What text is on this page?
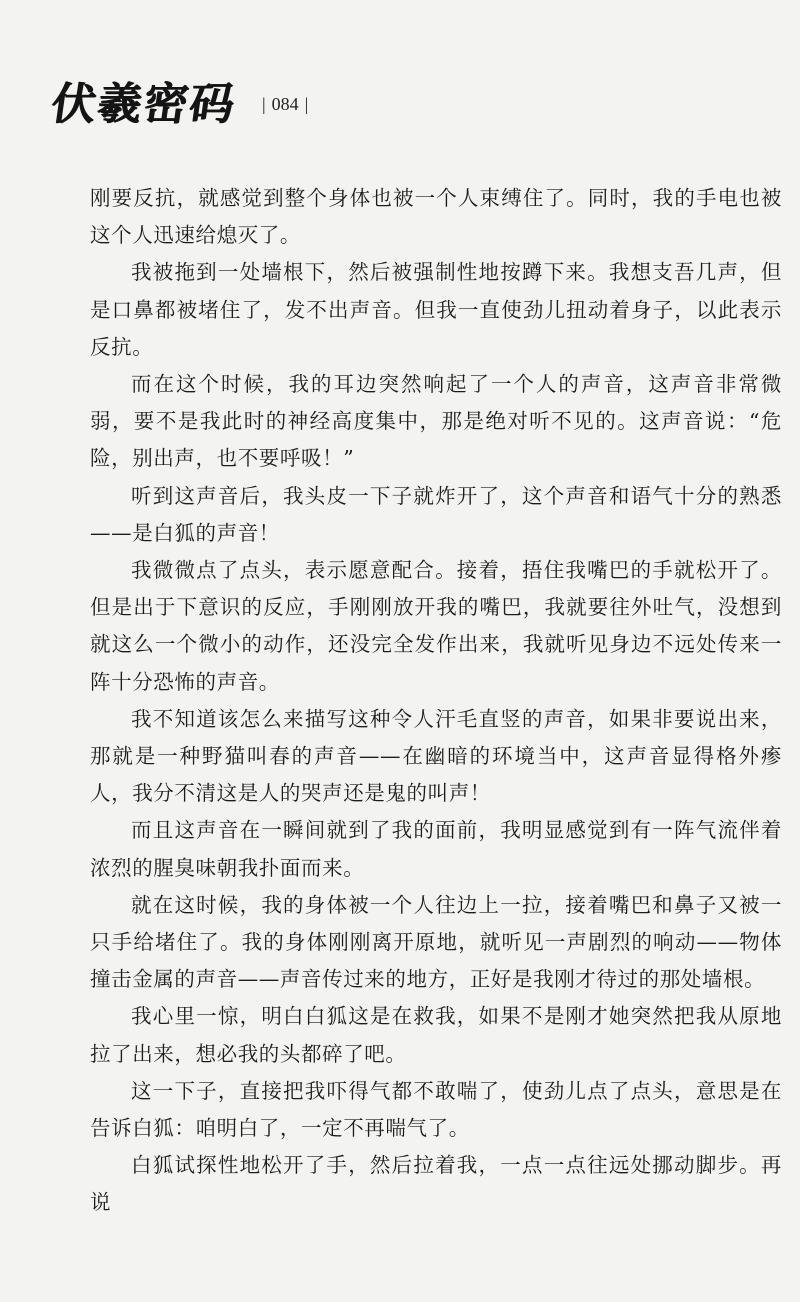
伏羲密码	| 084 |

刚要反抗，就感觉到整个身体也被一个人束缚住了。同时，我的手电也被这个人迅速给熄灭了。

我被拖到一处墙根下，然后被强制性地按蹲下来。我想支吾几声，但是口鼻都被堵住了，发不出声音。但我一直使劲儿扭动着身子，以此表示反抗。

而在这个时候，我的耳边突然响起了一个人的声音，这声音非常微弱，要不是我此时的神经高度集中，那是绝对听不见的。这声音说：“危险，别出声，也不要呼吸！”

听到这声音后，我头皮一下子就炸开了，这个声音和语气十分的熟悉——是白狐的声音！

我微微点了点头，表示愿意配合。接着，捂住我嘴巴的手就松开了。但是出于下意识的反应，手刚刚放开我的嘴巴，我就要往外吐气，没想到就这么一个微小的动作，还没完全发作出来，我就听见身边不远处传来一阵十分恐怖的声音。

我不知道该怎么来描写这种令人汗毛直竖的声音，如果非要说出来，那就是一种野猫叫春的声音——在幽暗的环境当中，这声音显得格外瘆人，我分不清这是人的哭声还是鬼的叫声！

而且这声音在一瞬间就到了我的面前，我明显感觉到有一阵气流伴着浓烈的腥臭味朝我扑面而来。

就在这时候，我的身体被一个人往边上一拉，接着嘴巴和鼻子又被一只手给堵住了。我的身体刚刚离开原地，就听见一声剧烈的响动——物体撞击金属的声音——声音传过来的地方，正好是我刚才待过的那处墙根。

我心里一惊，明白白狐这是在救我，如果不是刚才她突然把我从原地拉了出来，想必我的头都碎了吧。

这一下子，直接把我吓得气都不敢喘了，使劲儿点了点头，意思是在告诉白狐：咱明白了，一定不再喘气了。

白狐试探性地松开了手，然后拉着我，一点一点往远处挪动脚步。再说
